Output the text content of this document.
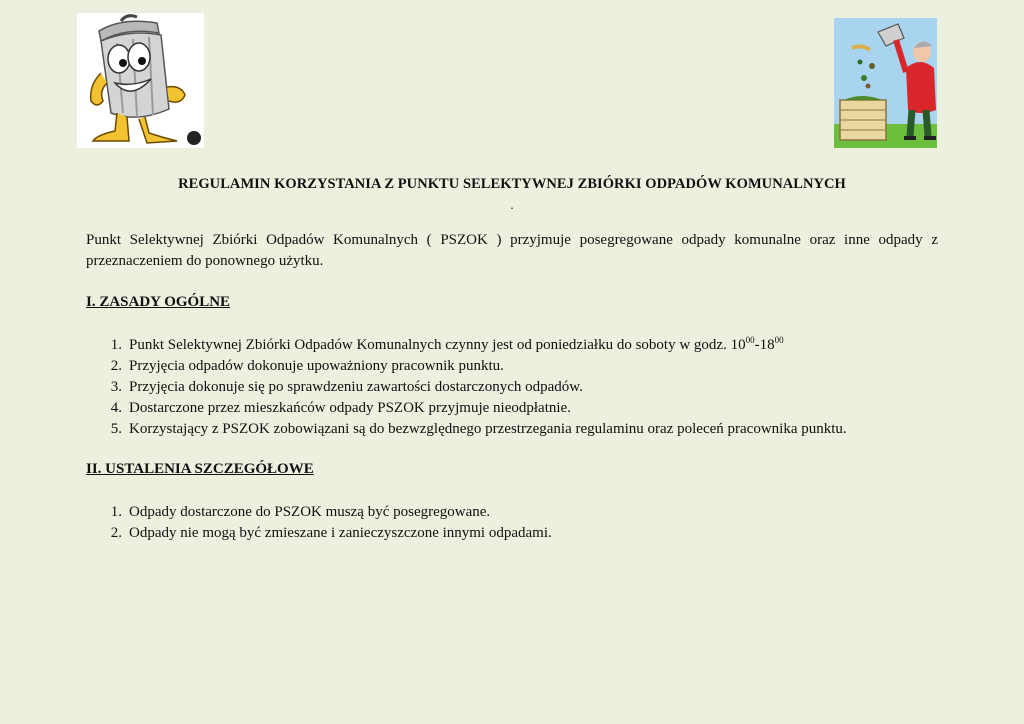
REGULAMIN KORZYSTANIA Z PUNKTU SELEKTYWNEJ ZBIÓRKI ODPADÓW KOMUNALNYCH
.
Punkt Selektywnej Zbiórki Odpadów Komunalnych ( PSZOK ) przyjmuje posegregowane odpady komunalne oraz inne odpady z przeznaczeniem do ponownego użytku.
I. ZASADY OGÓLNE
1. Punkt Selektywnej Zbiórki Odpadów Komunalnych czynny jest od poniedziałku do soboty w godz. $10^{00}-18^{00}$
2. Przyjęcia odpadów dokonuje upoważniony pracownik punktu.
3. Przyjęcia dokonuje się po sprawdzeniu zawartości dostarczonych odpadów.
4. Dostarczone przez mieszkańców odpady PSZOK przyjmuje nieodpłatnie.
5. Korzystający z PSZOK zobowiązani są do bezwzględnego przestrzegania regulaminu oraz poleceń pracownika punktu.
II. USTALENIA SZCZEGÓŁOWE
1. Odpady dostarczone do PSZOK muszą być posegregowane.
2. Odpady nie mogą być zmieszane i zanieczyszczone innymi odpadami.
